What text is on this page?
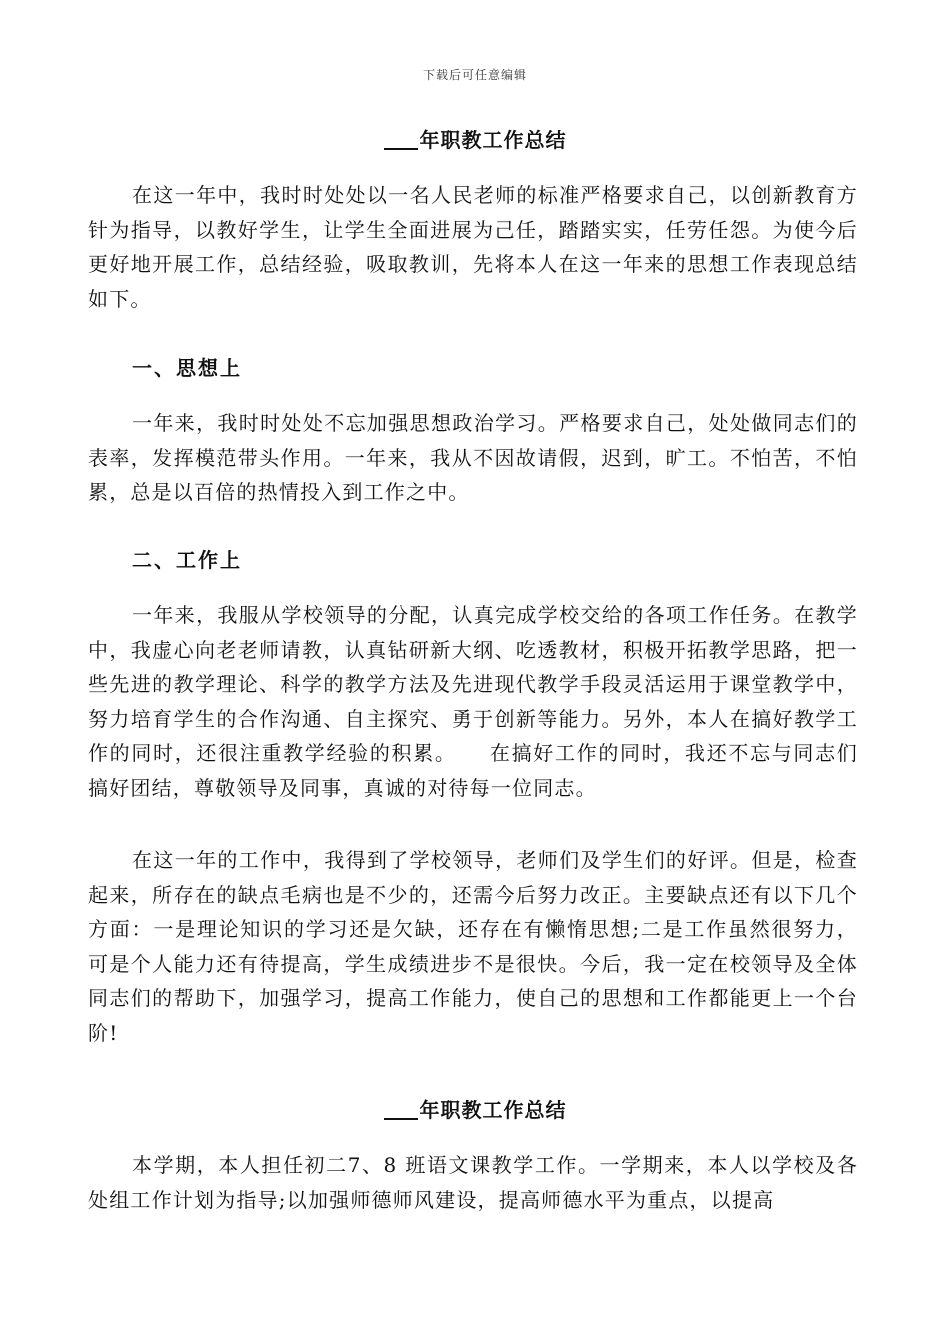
下载后可任意编辑
年职教工作总结

在这一年中，我时时处处以一名人民老师的标准严格要求自己，以创新教育方针为指导，以教好学生，让学生全面进展为己任，踏踏实实，任劳任怨。为使今后更好地开展工作，总结经验，吸取教训，先将本人在这一年来的思想工作表现总结如下。

一、思想上

一年来，我时时处处不忘加强思想政治学习。严格要求自己，处处做同志们的表率，发挥模范带头作用。一年来，我从不因故请假，迟到，旷工。不怕苦，不怕累，总是以百倍的热情投入到工作之中。

二、工作上

一年来，我服从学校领导的分配，认真完成学校交给的各项工作任务。在教学中，我虚心向老老师请教，认真钻研新大纲、吃透教材，积极开拓教学思路，把一些先进的教学理论、科学的教学方法及先进现代教学手段灵活运用于课堂教学中，努力培育学生的合作沟通、自主探究、勇于创新等能力。另外，本人在搞好教学工作的同时，还很注重教学经验的积累。　　在搞好工作的同时，我还不忘与同志们搞好团结，尊敬领导及同事，真诚的对待每一位同志。

在这一年的工作中，我得到了学校领导，老师们及学生们的好评。但是，检查起来，所存在的缺点毛病也是不少的，还需今后努力改正。主要缺点还有以下几个方面：一是理论知识的学习还是欠缺，还存在有懒惰思想;二是工作虽然很努力，可是个人能力还有待提高，学生成绩进步不是很快。今后，我一定在校领导及全体同志们的帮助下，加强学习，提高工作能力，使自己的思想和工作都能更上一个台阶!

年职教工作总结

本学期，本人担任初二7、8 班语文课教学工作。一学期来，本人以学校及各处组工作计划为指导;以加强师德师风建设，提高师德水平为重点，以提高
